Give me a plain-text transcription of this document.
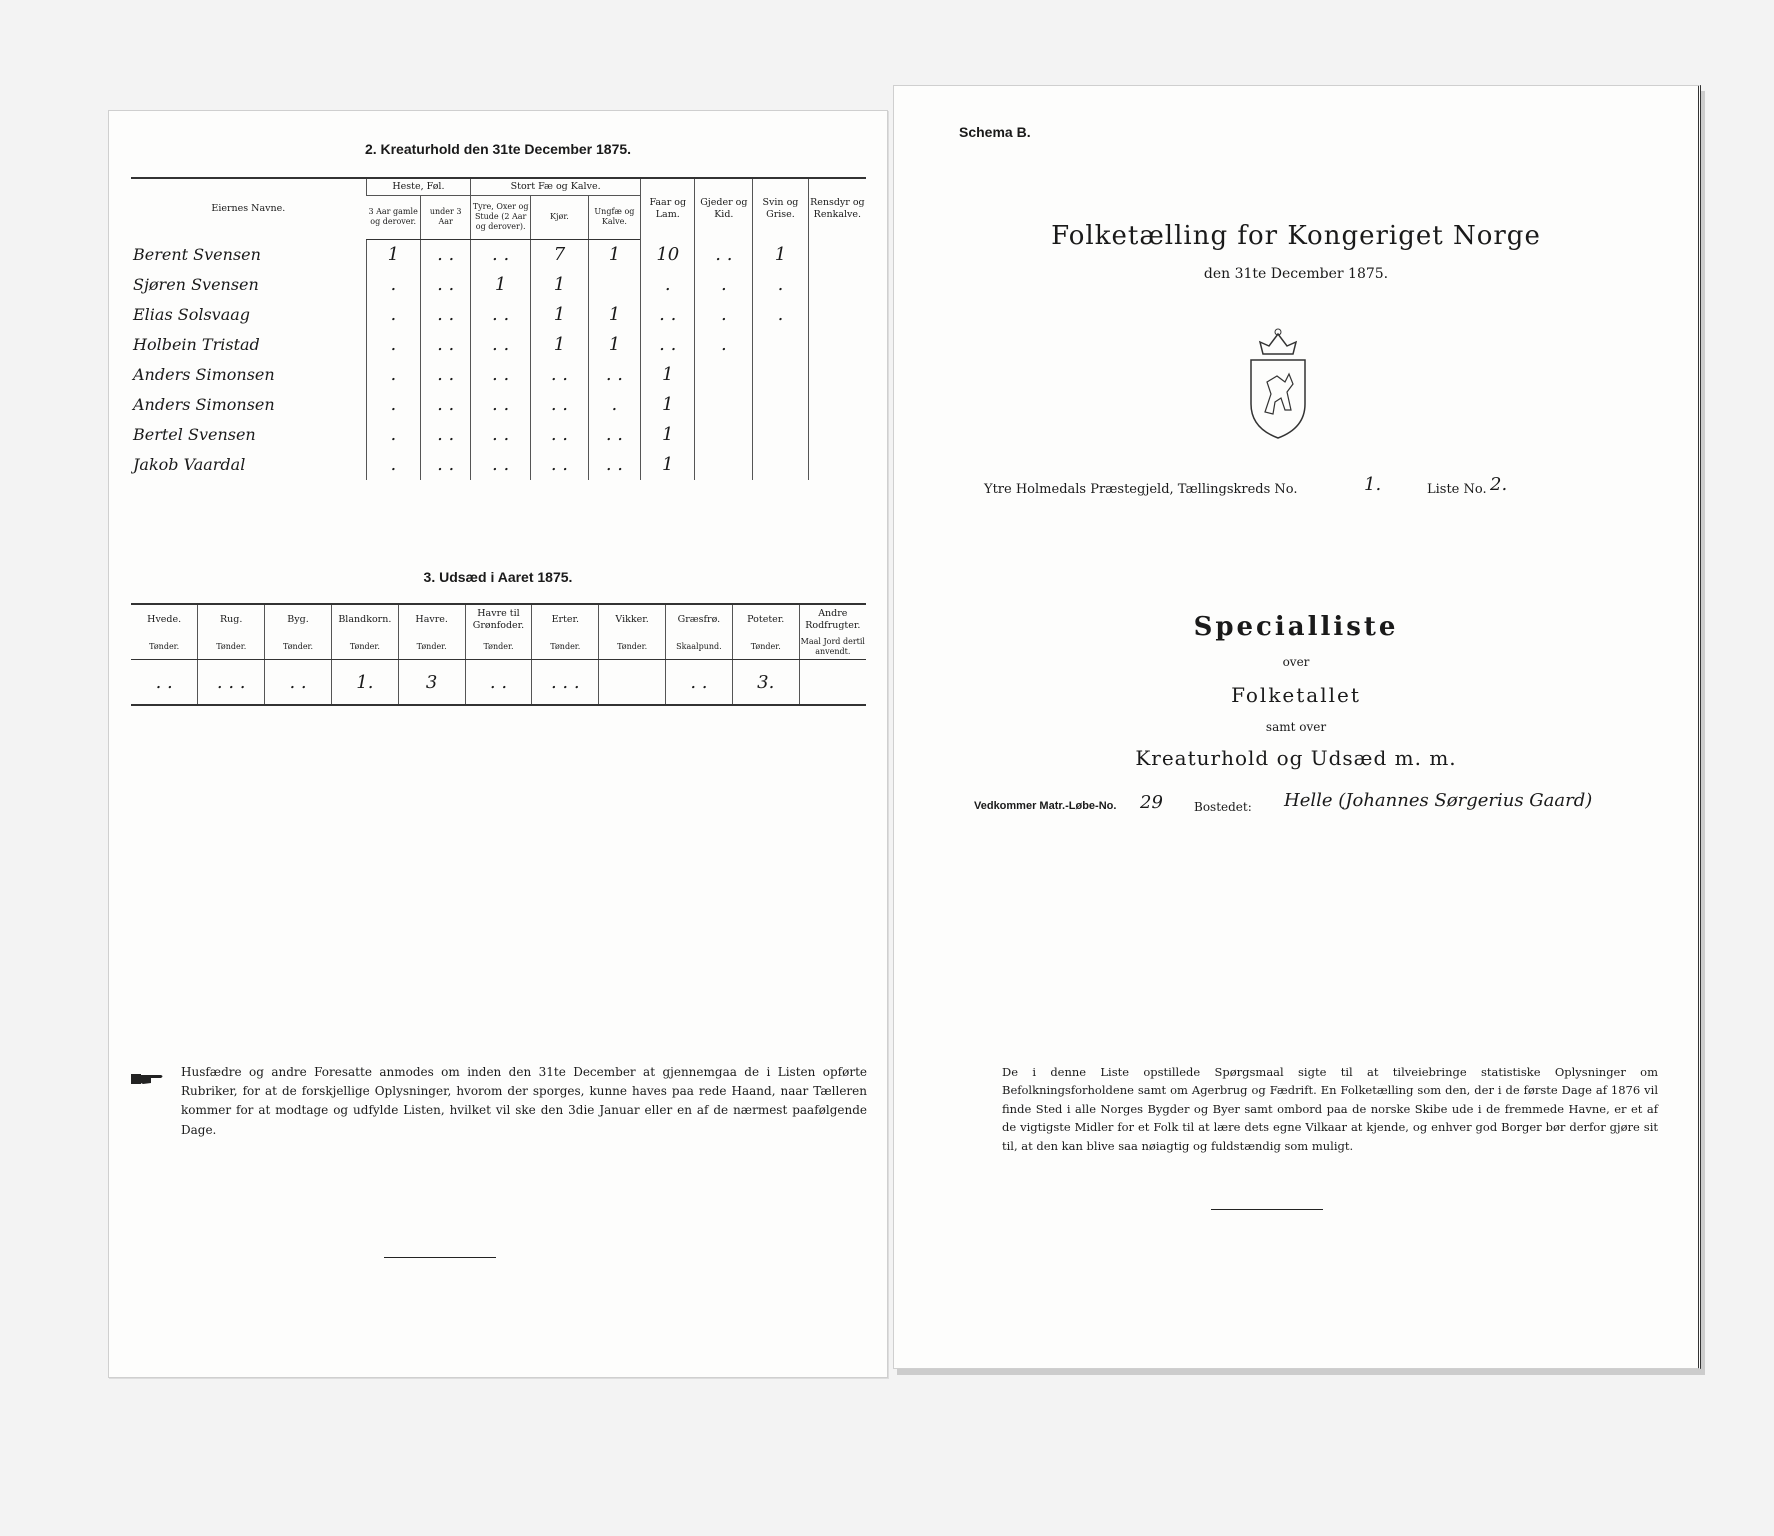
2. Kreaturhold den 31te December 1875.
Eiernes Navne.	Heste, Føl.		Stort Fæ og Kalve.			Faar og Lam.	Gjeder og Kid.	Svin og Grise.	Rensdyr og Renkalve.
	3 Aar gamle og derover.	under 3 Aar	Tyre, Oxer og Stude (2 Aar og derover).	Kjør.	Ungfæ og Kalve.				
Berent Svensen	1	. .	. .	7	1	10	. .	1	
Sjøren Svensen	.	. .	1	1		.	.	.	
Elias Solsvaag	.	. .	. .	1	1	. .	.	.	
Holbein Tristad	.	. .	. .	1	1	. .	.		
Anders Simonsen	.	. .	. .	. .	. .	1			
Anders Simonsen	.	. .	. .	. .	.	1			
Bertel Svensen	.	. .	. .	. .	. .	1			
Jakob Vaardal	.	. .	. .	. .	. .	1			
3. Udsæd i Aaret 1875.
Hvede.	Rug.	Byg.	Blandkorn.	Havre.	Havre til Grønfoder.	Erter.	Vikker.	Græsfrø.	Poteter.	Andre Rodfrugter.
Tønder.	Tønder.	Tønder.	Tønder.	Tønder.	Tønder.	Tønder.	Tønder.	Skaalpund.	Tønder.	Maal Jord dertil anvendt.
. .	. . .	. .	1.	3	. .	. . .		. .	3.	
Husfædre og andre Foresatte anmodes om inden den 31te December at gjennemgaa de i Listen opførte Rubriker, for at de forskjellige Oplysninger, hvorom der sporges, kunne haves paa rede Haand, naar Tælleren kommer for at modtage og udfylde Listen, hvilket vil ske den 3die Januar eller en af de nærmest paafølgende Dage.
Schema B.
Folketælling for Kongeriget Norge
den 31te December 1875.
Ytre Holmedals Præstegjeld, Tællingskreds No.	1.	Liste No. 2.
Specialliste
over
Folketallet
samt over
Kreaturhold og Udsæd m. m.
Vedkommer Matr.-Løbe-No. 29	Bostedet: Helle (Johannes Sørgerius Gaard)
De i denne Liste opstillede Spørgsmaal sigte til at tilveiebringe statistiske Oplysninger om Befolkningsforholdene samt om Agerbrug og Fædrift. En Folketælling som den, der i de første Dage af 1876 vil finde Sted i alle Norges Bygder og Byer samt ombord paa de norske Skibe ude i de fremmede Havne, er et af de vigtigste Midler for et Folk til at lære dets egne Vilkaar at kjende, og enhver god Borger bør derfor gjøre sit til, at den kan blive saa nøiagtig og fuldstændig som muligt.
